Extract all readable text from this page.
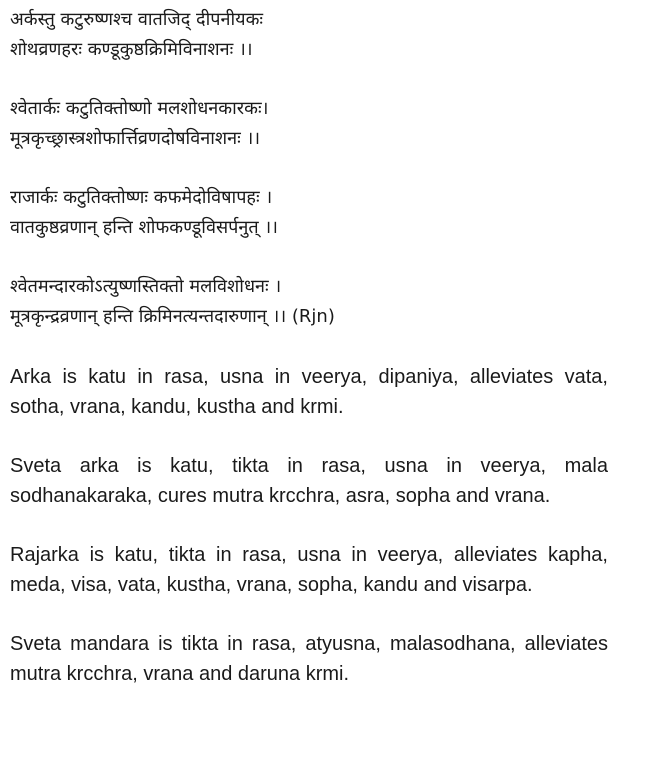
अर्कस्तु कटुरुष्णश्च वातजिद् दीपनीयकः
शोथव्रणहरः कण्डूकुष्ठक्रिमिविनाशनः ।।
श्वेतार्कः कटुतिक्तोष्णो मलशोधनकारकः।
मूत्रकृच्छ्रास्त्रशोफार्त्तिव्रणदोषविनाशनः ।।
राजार्कः कटुतिक्तोष्णः कफमेदोविषापहः ।
वातकुष्ठव्रणान् हन्ति शोफकण्डूविसर्पनुत् ।।
श्वेतमन्दारकोऽत्युष्णस्तिक्तो मलविशोधनः ।
मूत्रकृन्द्रव्रणान् हन्ति क्रिमिनत्यन्तदारुणान् ।। (Rjn)

Arka is katu in rasa, usna in veerya, dipaniya, alleviates vata, sotha, vrana, kandu, kustha and krmi.

Sveta arka is katu, tikta in rasa, usna in veerya, mala sodhanakaraka, cures mutra krcchra, asra, sopha and vrana.

Rajarka is katu, tikta in rasa, usna in veerya, alleviates kapha, meda, visa, vata, kustha, vrana, sopha, kandu and visarpa.

Sveta mandara is tikta in rasa, atyusna, malasodhana, alleviates mutra krcchra, vrana and daruna krmi.
